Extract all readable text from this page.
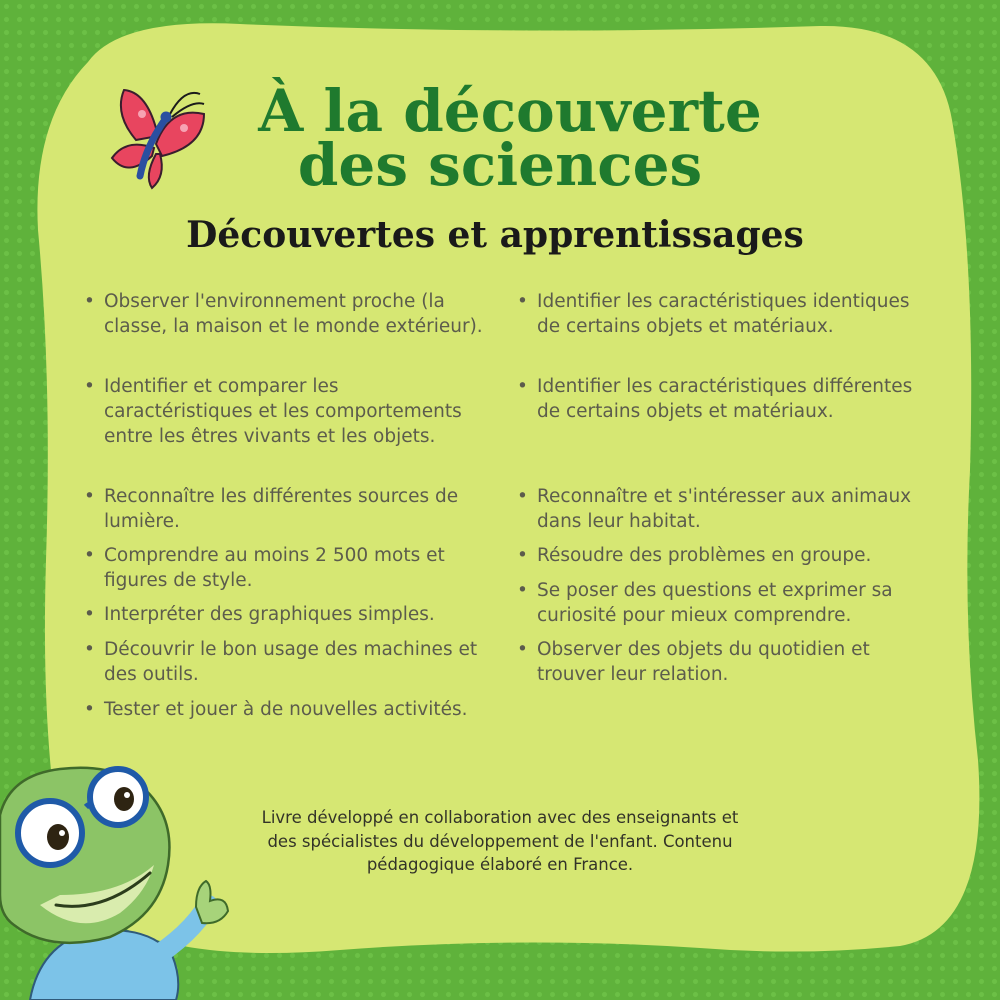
À la découverte
des sciences
Découvertes et apprentissages
• Observer l'environnement proche (la classe, la maison et le monde extérieur).
• Identifier et comparer les caractéristiques et les comportements entre les êtres vivants et les objets.
• Reconnaître les différentes sources de lumière.
• Comprendre au moins 2 500 mots et figures de style.
• Interpréter des graphiques simples.
• Découvrir le bon usage des machines et des outils.
• Tester et jouer à de nouvelles activités.
• Identifier les caractéristiques identiques de certains objets et matériaux.
• Identifier les caractéristiques différentes de certains objets et matériaux.
• Reconnaître et s'intéresser aux animaux dans leur habitat.
• Résoudre des problèmes en groupe.
• Se poser des questions et exprimer sa curiosité pour mieux comprendre.
• Observer des objets du quotidien et trouver leur relation.

Livre développé en collaboration avec des enseignants et des spécialistes du développement de l'enfant. Contenu pédagogique élaboré en France.
